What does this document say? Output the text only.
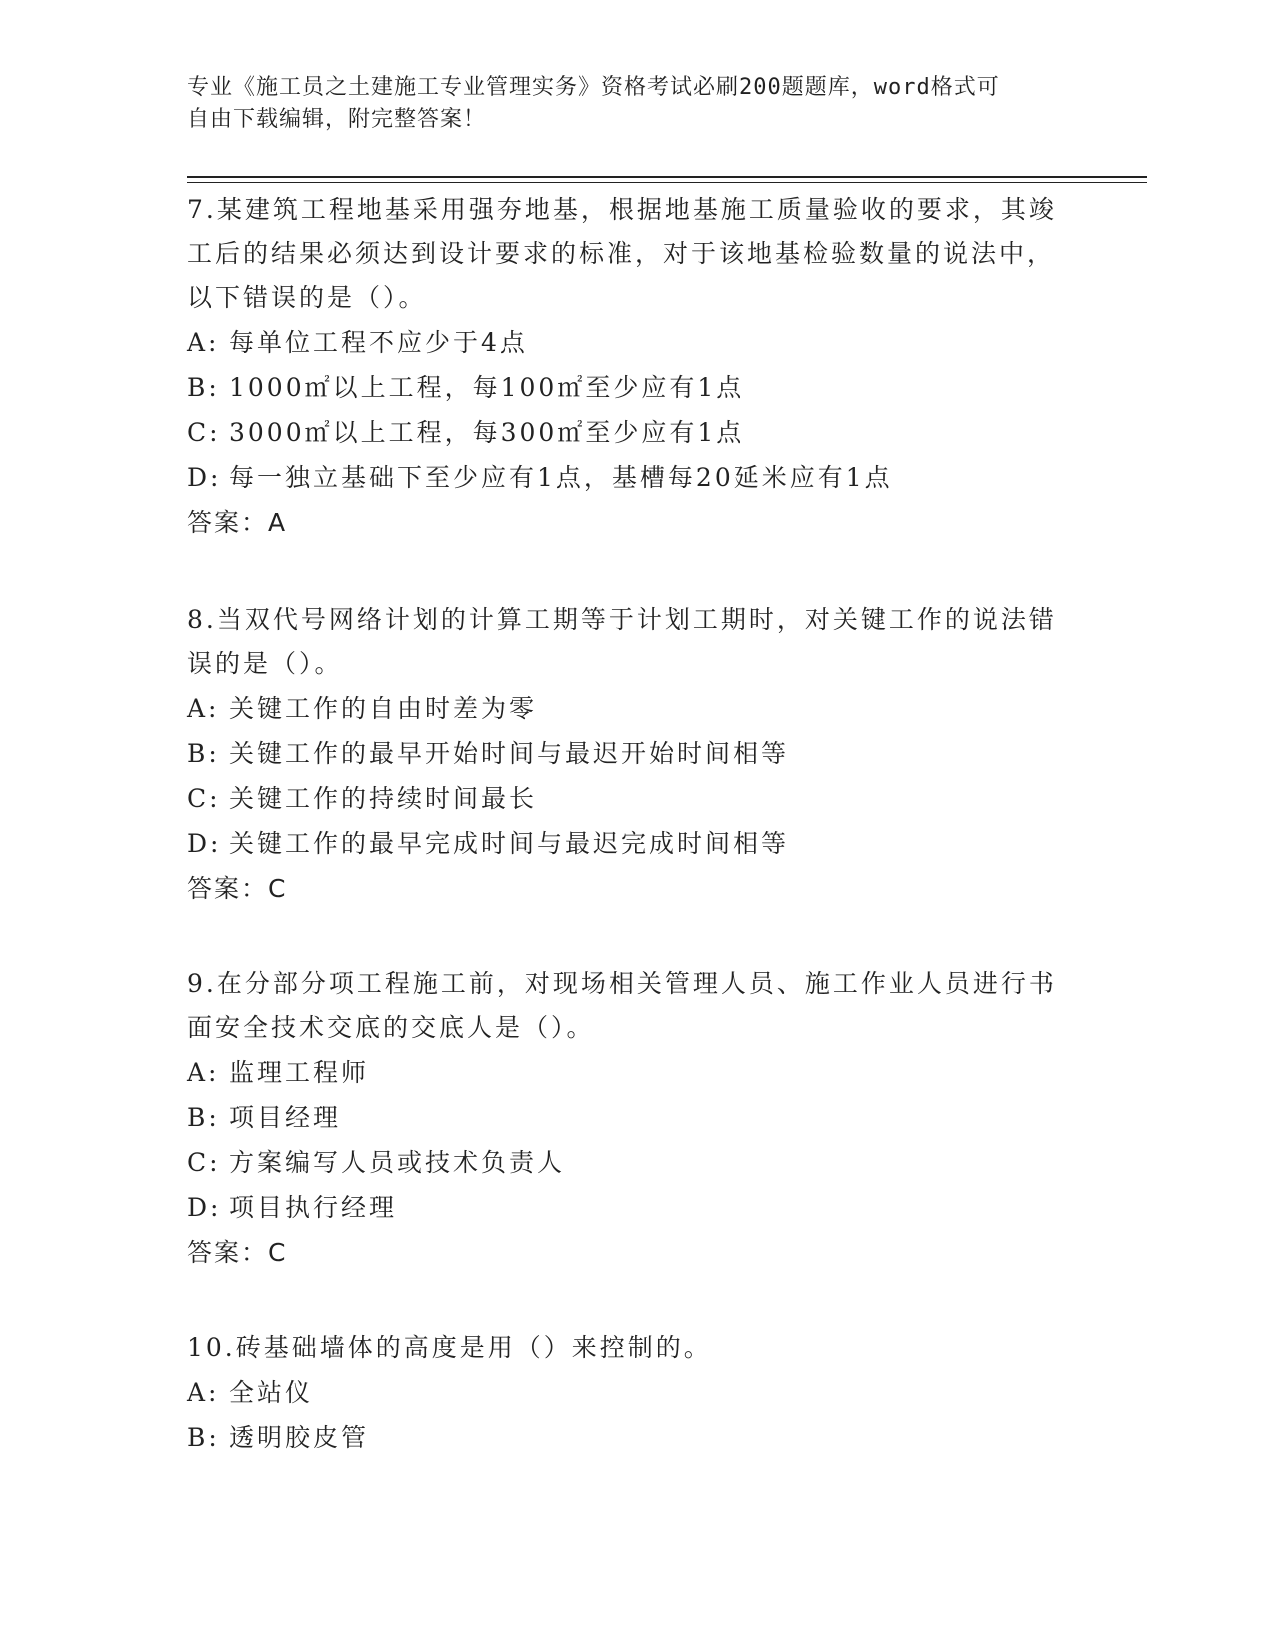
专业《施工员之土建施工专业管理实务》资格考试必刷200题题库，word格式可
自由下载编辑，附完整答案！

7.某建筑工程地基采用强夯地基，根据地基施工质量验收的要求，其竣工后的结果必须达到设计要求的标准，对于该地基检验数量的说法中，以下错误的是（）。

A: 每单位工程不应少于4点

B: 1000㎡以上工程，每100㎡至少应有1点

C: 3000㎡以上工程，每300㎡至少应有1点

D: 每一独立基础下至少应有1点，基槽每20延米应有1点

答案：A

8.当双代号网络计划的计算工期等于计划工期时，对关键工作的说法错误的是（）。

A: 关键工作的自由时差为零

B: 关键工作的最早开始时间与最迟开始时间相等

C: 关键工作的持续时间最长

D: 关键工作的最早完成时间与最迟完成时间相等

答案：C

9.在分部分项工程施工前，对现场相关管理人员、施工作业人员进行书面安全技术交底的交底人是（）。

A: 监理工程师

B: 项目经理

C: 方案编写人员或技术负责人

D: 项目执行经理

答案：C

10.砖基础墙体的高度是用（）来控制的。

A: 全站仪

B: 透明胶皮管
